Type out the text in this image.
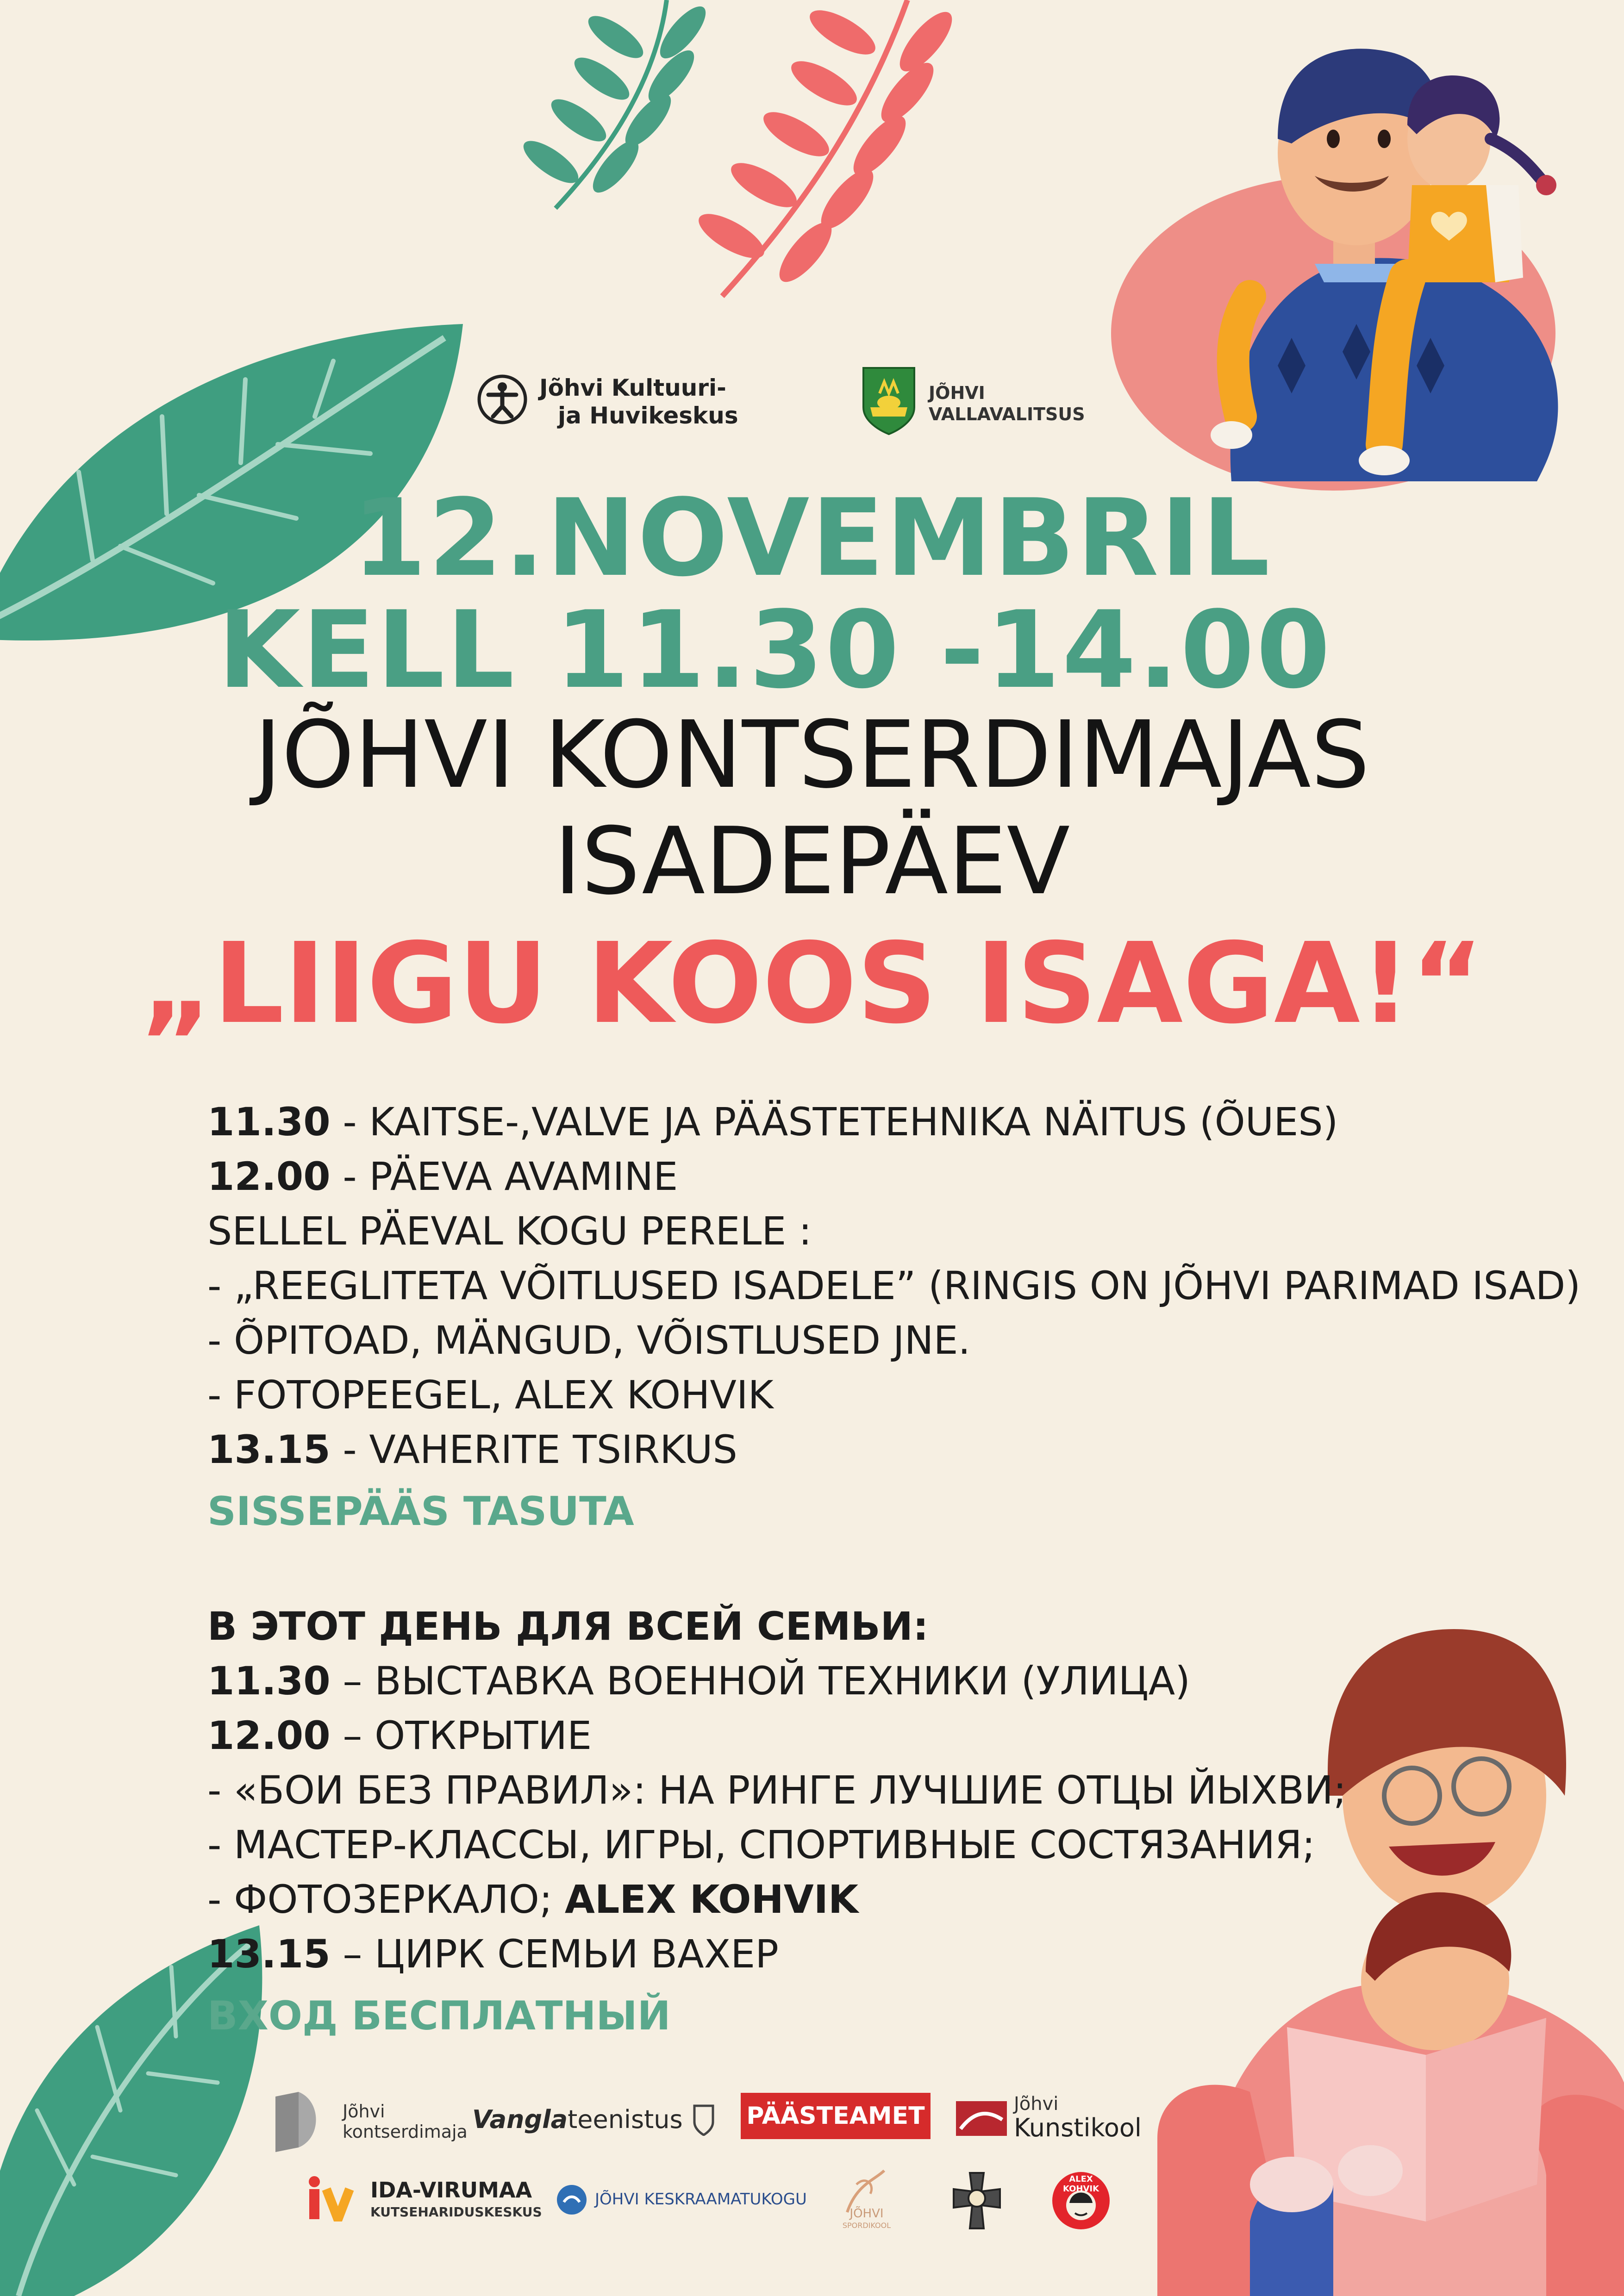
Jõhvi Kultuuri-
ja Huvikeskus
JÕHVI
VALLAVALITSUS
12.NOVEMBRIL
KELL 11.30 -14.00
JÕHVI KONTSERDIMAJAS
ISADEPÄEV
„LIIGU KOOS ISAGA!“
11.30 - KAITSE-,VALVE JA PÄÄSTETEHNIKA NÄITUS (ÕUES)
12.00 - PÄEVA AVAMINE
SELLEL PÄEVAL KOGU PERELE :
- „REEGLITETA VÕITLUSED ISADELE” (RINGIS ON JÕHVI PARIMAD ISAD)
- ÕPITOAD, MÄNGUD, VÕISTLUSED JNE.
- FOTOPEEGEL, ALEX KOHVIK
13.15 - VAHERITE TSIRKUS
SISSEPÄÄS TASUTA
В ЭТОТ ДЕНЬ ДЛЯ ВСЕЙ СЕМЬИ:
11.30 – ВЫСТАВКА ВОЕННОЙ ТЕХНИКИ (УЛИЦА)
12.00 – ОТКРЫТИЕ
- «БОИ БЕЗ ПРАВИЛ»: НА РИНГЕ ЛУЧШИЕ ОТЦЫ ЙЫХВИ;
- МАСТЕР-КЛАССЫ, ИГРЫ, СПОРТИВНЫЕ СОСТЯЗАНИЯ;
- ФОТОЗЕРКАЛО; ALEX KOHVIK
13.15 – ЦИРК СЕМЬИ ВАХЕР
ВХОД БЕСПЛАТНЫЙ
Jõhvi
kontserdimaja Vanglateenistus	PÄÄSTEAMET	Jõhvi
Kunstikool
IDA-VIRUMAA
KUTSEHARIDUSKESKUS
JÕHVI KESKRAAMATUKOGU
JÕHVI
SPORDIKOOL
ALEX KOHVIK
